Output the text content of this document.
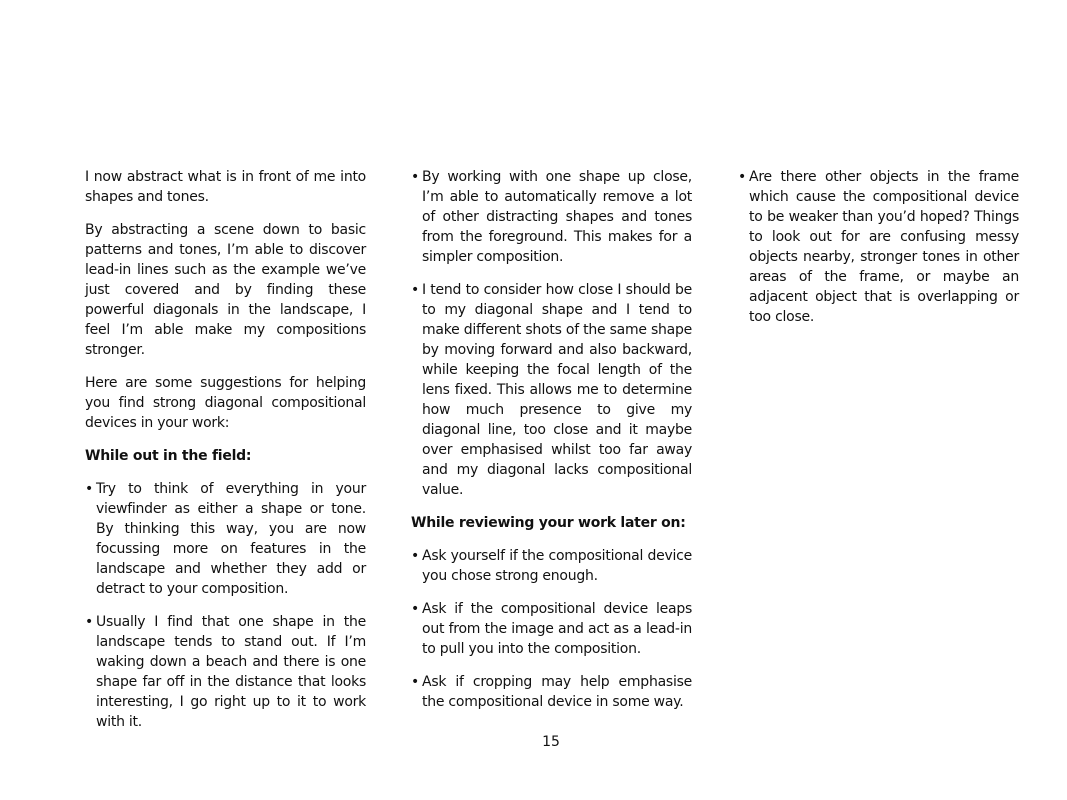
I now abstract what is in front of me into shapes and tones.

By abstracting a scene down to basic patterns and tones, I’m able to discover lead-in lines such as the example we’ve just covered and by finding these powerful diagonals in the landscape, I feel I’m able make my compositions stronger.

Here are some suggestions for helping you find strong diagonal compositional devices in your work:

While out in the field:
• Try to think of everything in your viewfinder as either a shape or tone. By thinking this way, you are now focussing more on features in the landscape and whether they add or detract to your composition.
• Usually I find that one shape in the landscape tends to stand out. If I’m waking down a beach and there is one shape far off in the distance that looks interesting, I go right up to it to work with it.
• By working with one shape up close, I’m able to automatically remove a lot of other distracting shapes and tones from the foreground. This makes for a simpler composition.
• I tend to consider how close I should be to my diagonal shape and I tend to make different shots of the same shape by moving forward and also backward, while keeping the focal length of the lens fixed. This allows me to determine how much presence to give my diagonal line, too close and it maybe over emphasised whilst too far away and my diagonal lacks compositional value.
While reviewing your work later on:
• Ask yourself if the compositional device you chose strong enough.
• Ask if the compositional device leaps out from the image and act as a lead-in to pull you into the composition.
• Ask if cropping may help emphasise the compositional device in some way.
• Are there other objects in the frame which cause the compositional device to be weaker than you’d hoped? Things to look out for are confusing messy objects nearby, stronger tones in other areas of the frame, or maybe an adjacent object that is overlapping or too close.
15
